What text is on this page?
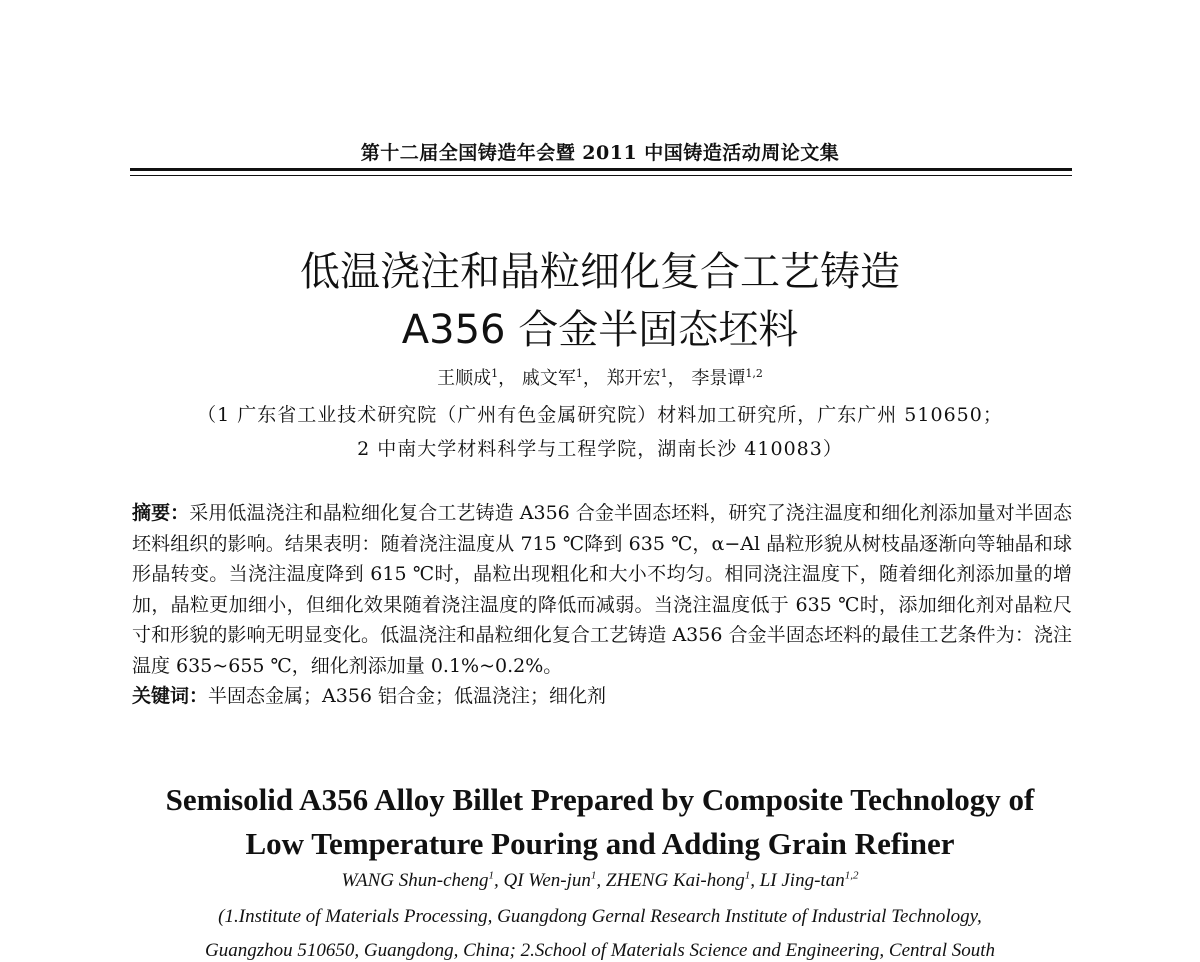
第十二届全国铸造年会暨 2011 中国铸造活动周论文集
低温浇注和晶粒细化复合工艺铸造
A356 合金半固态坯料
王顺成$^1$， 戚文军$^1$， 郑开宏$^1$， 李景谭$^{1,2}$
（1 广东省工业技术研究院（广州有色金属研究院）材料加工研究所，广东广州 510650；
2 中南大学材料科学与工程学院，湖南长沙 410083）

摘要：采用低温浇注和晶粒细化复合工艺铸造 A356 合金半固态坯料，研究了浇注温度和细化剂添加量对半固态坯料组织的影响。结果表明：随着浇注温度从 715 ℃降到 635 ℃，α−Al 晶粒形貌从树枝晶逐渐向等轴晶和球形晶转变。当浇注温度降到 615 ℃时，晶粒出现粗化和大小不均匀。相同浇注温度下，随着细化剂添加量的增加，晶粒更加细小，但细化效果随着浇注温度的降低而减弱。当浇注温度低于 635 ℃时，添加细化剂对晶粒尺寸和形貌的影响无明显变化。低温浇注和晶粒细化复合工艺铸造 A356 合金半固态坯料的最佳工艺条件为：浇注温度 635~655 ℃，细化剂添加量 0.1%~0.2%。

关键词：半固态金属；A356 铝合金；低温浇注；细化剂

Semisolid A356 Alloy Billet Prepared by Composite Technology of
Low Temperature Pouring and Adding Grain Refiner
WANG Shun-cheng$^1$, QI Wen-jun$^1$, ZHENG Kai-hong$^1$, LI Jing-$\tan^{1,2}$
(1.Institute of Materials Processing, Guangdong Gernal Research Institute of Industrial Technology,
Guangzhou 510650, Guangdong, China; 2.School of Materials Science and Engineering, Central South
